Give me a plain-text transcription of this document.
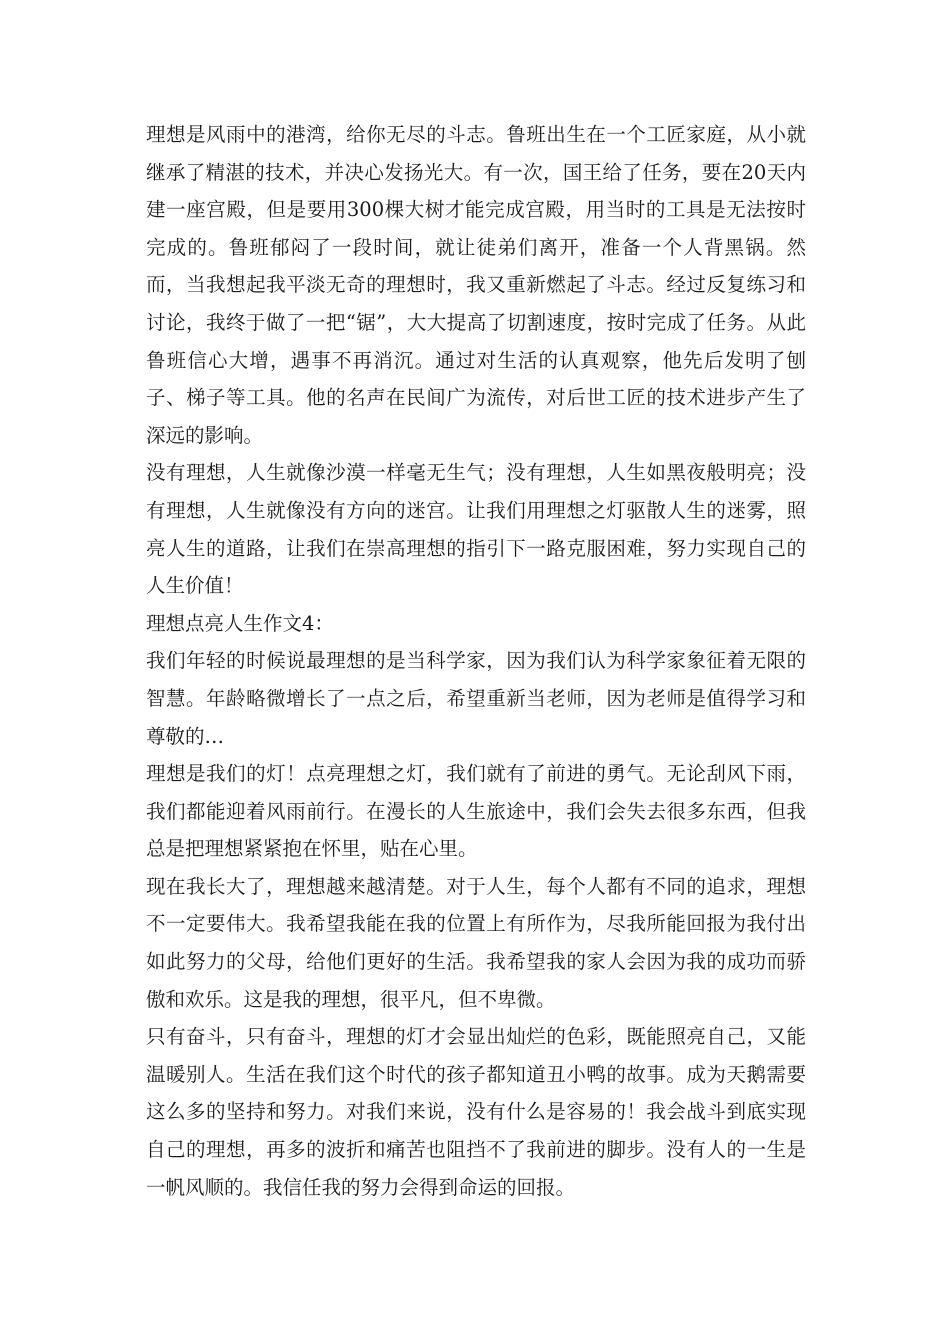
理想是风雨中的港湾，给你无尽的斗志。鲁班出生在一个工匠家庭，从小就继承了精湛的技术，并决心发扬光大。有一次，国王给了任务，要在20天内建一座宫殿，但是要用300棵大树才能完成宫殿，用当时的工具是无法按时完成的。鲁班郁闷了一段时间，就让徒弟们离开，准备一个人背黑锅。然而，当我想起我平淡无奇的理想时，我又重新燃起了斗志。经过反复练习和讨论，我终于做了一把“锯”，大大提高了切割速度，按时完成了任务。从此鲁班信心大增，遇事不再消沉。通过对生活的认真观察，他先后发明了刨子、梯子等工具。他的名声在民间广为流传，对后世工匠的技术进步产生了深远的影响。

没有理想，人生就像沙漠一样毫无生气；没有理想，人生如黑夜般明亮；没有理想，人生就像没有方向的迷宫。让我们用理想之灯驱散人生的迷雾，照亮人生的道路，让我们在崇高理想的指引下一路克服困难，努力实现自己的人生价值！

理想点亮人生作文4：

我们年轻的时候说最理想的是当科学家，因为我们认为科学家象征着无限的智慧。年龄略微增长了一点之后，希望重新当老师，因为老师是值得学习和尊敬的…

理想是我们的灯！点亮理想之灯，我们就有了前进的勇气。无论刮风下雨，我们都能迎着风雨前行。在漫长的人生旅途中，我们会失去很多东西，但我总是把理想紧紧抱在怀里，贴在心里。

现在我长大了，理想越来越清楚。对于人生，每个人都有不同的追求，理想不一定要伟大。我希望我能在我的位置上有所作为，尽我所能回报为我付出如此努力的父母，给他们更好的生活。我希望我的家人会因为我的成功而骄傲和欢乐。这是我的理想，很平凡，但不卑微。

只有奋斗，只有奋斗，理想的灯才会显出灿烂的色彩，既能照亮自己，又能温暖别人。生活在我们这个时代的孩子都知道丑小鸭的故事。成为天鹅需要这么多的坚持和努力。对我们来说，没有什么是容易的！我会战斗到底实现自己的理想，再多的波折和痛苦也阻挡不了我前进的脚步。没有人的一生是一帆风顺的。我信任我的努力会得到命运的回报。
